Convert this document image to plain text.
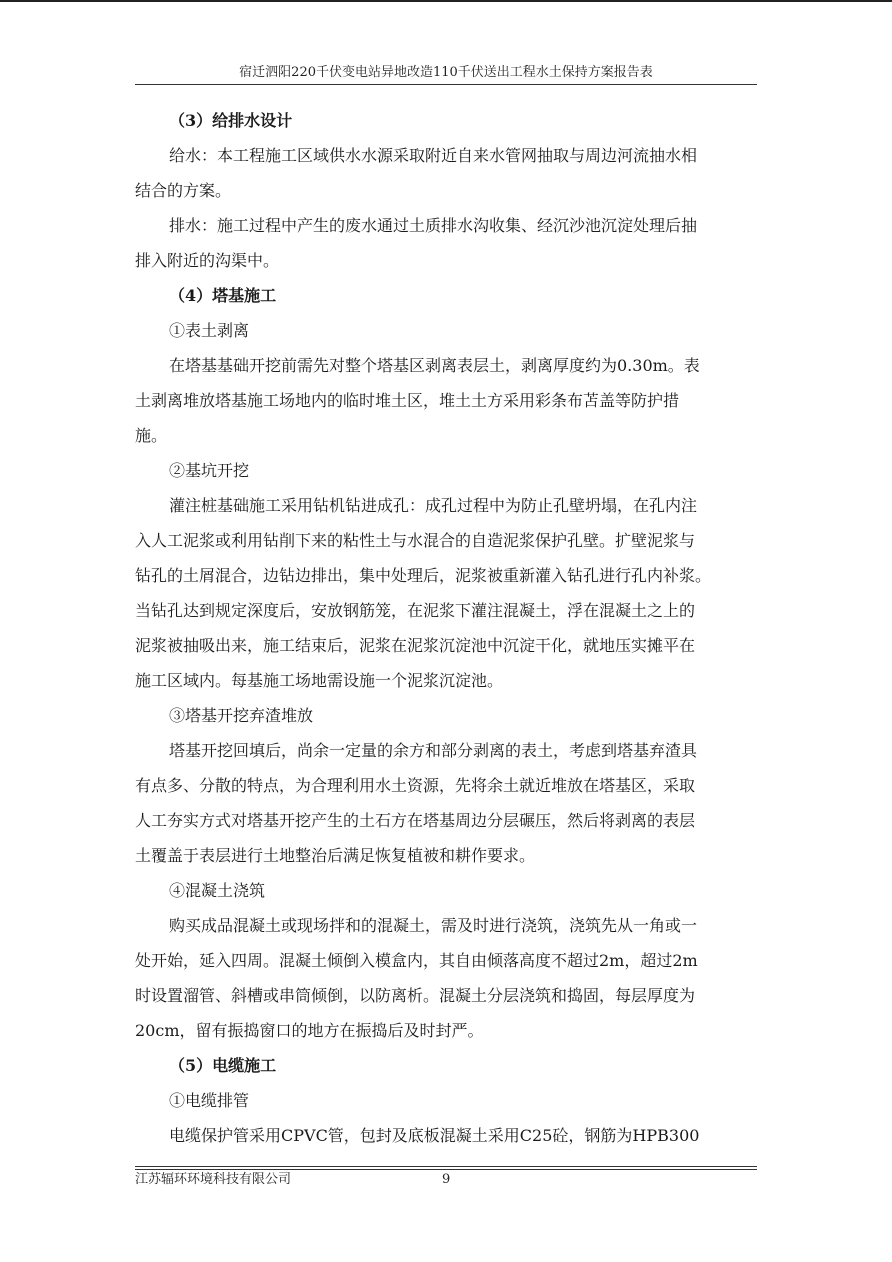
宿迁泗阳220千伏变电站异地改造110千伏送出工程水土保持方案报告表
（3）给排水设计
给水：本工程施工区域供水水源采取附近自来水管网抽取与周边河流抽水相
结合的方案。
排水：施工过程中产生的废水通过土质排水沟收集、经沉沙池沉淀处理后抽
排入附近的沟渠中。
（4）塔基施工
①表土剥离
在塔基基础开挖前需先对整个塔基区剥离表层土，剥离厚度约为0.30m。表
土剥离堆放塔基施工场地内的临时堆土区，堆土土方采用彩条布苫盖等防护措
施。
②基坑开挖
灌注桩基础施工采用钻机钻进成孔：成孔过程中为防止孔壁坍塌，在孔内注
入人工泥浆或利用钻削下来的粘性土与水混合的自造泥浆保护孔壁。扩壁泥浆与
钻孔的土屑混合，边钻边排出，集中处理后，泥浆被重新灌入钻孔进行孔内补浆。
当钻孔达到规定深度后，安放钢筋笼，在泥浆下灌注混凝土，浮在混凝土之上的
泥浆被抽吸出来，施工结束后，泥浆在泥浆沉淀池中沉淀干化，就地压实摊平在
施工区域内。每基施工场地需设施一个泥浆沉淀池。
③塔基开挖弃渣堆放
塔基开挖回填后，尚余一定量的余方和部分剥离的表土，考虑到塔基弃渣具
有点多、分散的特点，为合理利用水土资源，先将余土就近堆放在塔基区，采取
人工夯实方式对塔基开挖产生的土石方在塔基周边分层碾压，然后将剥离的表层
土覆盖于表层进行土地整治后满足恢复植被和耕作要求。
④混凝土浇筑
购买成品混凝土或现场拌和的混凝土，需及时进行浇筑，浇筑先从一角或一
处开始，延入四周。混凝土倾倒入模盒内，其自由倾落高度不超过2m，超过2m
时设置溜管、斜槽或串筒倾倒，以防离析。混凝土分层浇筑和捣固，每层厚度为
20cm，留有振捣窗口的地方在振捣后及时封严。
（5）电缆施工
①电缆排管
电缆保护管采用CPVC管，包封及底板混凝土采用C25砼，钢筋为HPB300
江苏辐环环境科技有限公司	9
